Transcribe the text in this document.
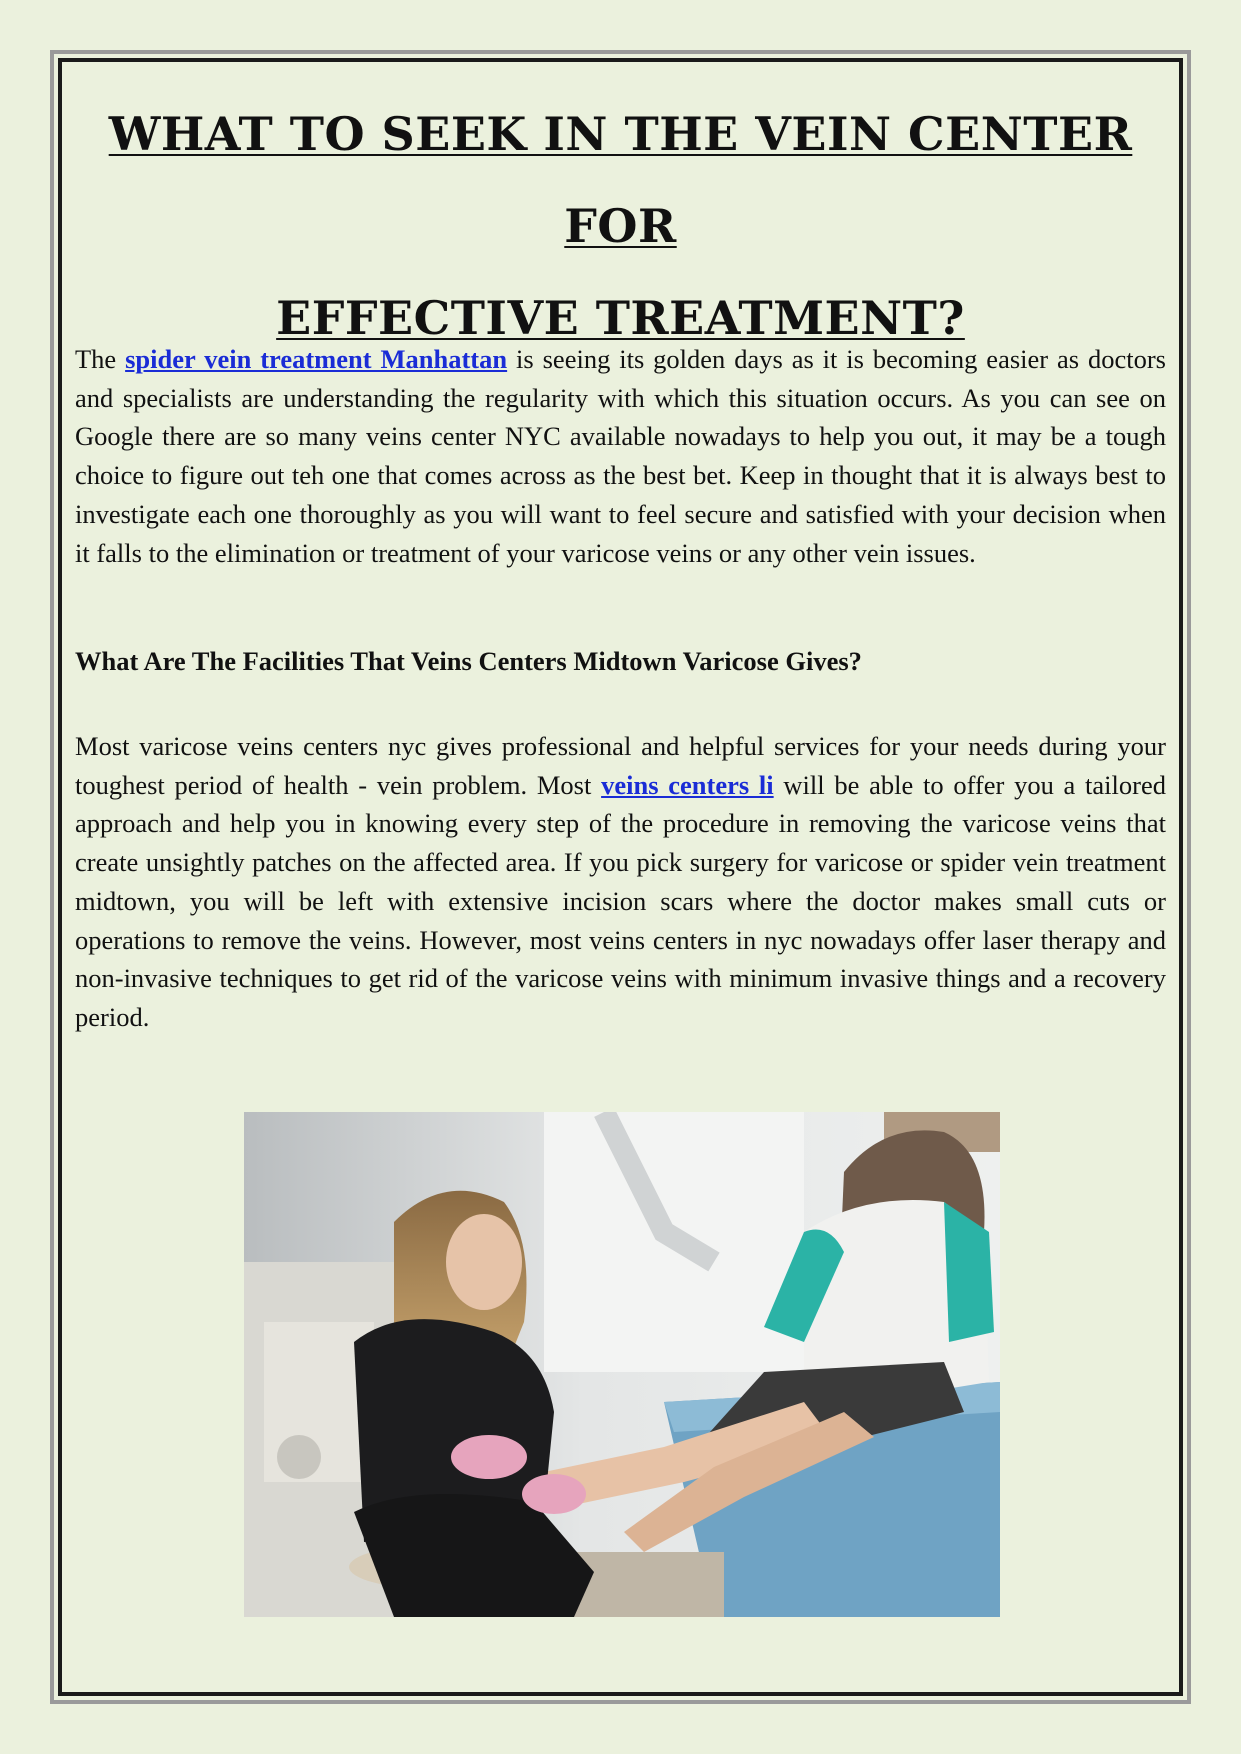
WHAT TO SEEK IN THE VEIN CENTER FOR
EFFECTIVE TREATMENT?

The spider vein treatment Manhattan is seeing its golden days as it is becoming easier as doctors and specialists are understanding the regularity with which this situation occurs. As you can see on Google there are so many veins center NYC available nowadays to help you out, it may be a tough choice to figure out teh one that comes across as the best bet. Keep in thought that it is always best to investigate each one thoroughly as you will want to feel secure and satisfied with your decision when it falls to the elimination or treatment of your varicose veins or any other vein issues.

What Are The Facilities That Veins Centers Midtown Varicose Gives?

Most varicose veins centers nyc gives professional and helpful services for your needs during your toughest period of health - vein problem. Most veins centers li will be able to offer you a tailored approach and help you in knowing every step of the procedure in removing the varicose veins that create unsightly patches on the affected area. If you pick surgery for varicose or spider vein treatment midtown, you will be left with extensive incision scars where the doctor makes small cuts or operations to remove the veins. However, most veins centers in nyc nowadays offer laser therapy and non-invasive techniques to get rid of the varicose veins with minimum invasive things and a recovery period.
